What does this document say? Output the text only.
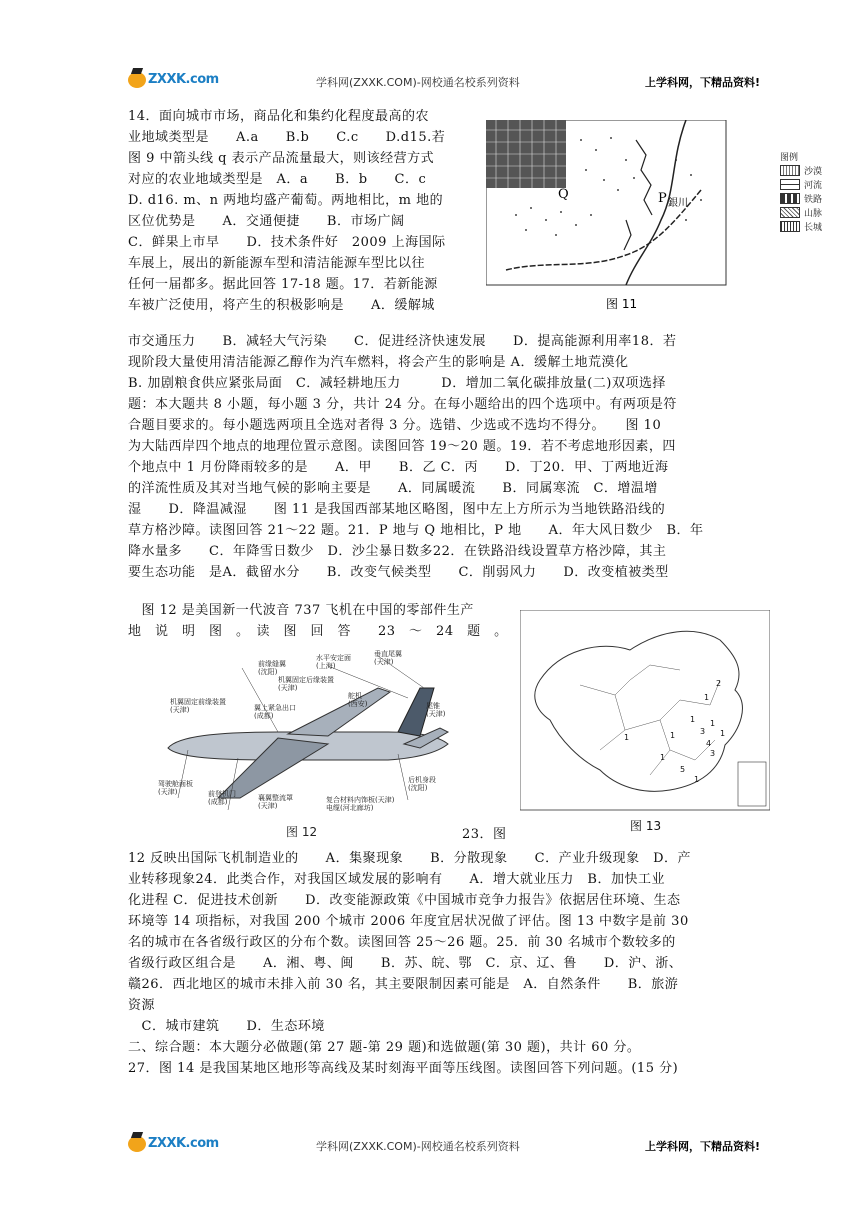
ZXXK.com	学科网(ZXXK.COM)-网校通名校系列资料	上学科网，下精品资料!
14．面向城市市场，商品化和集约化程度最高的农
业地域类型是　　A.a　　B.b　　C.c　　D.d15.若
图 9 中箭头线 q 表示产品流量最大，则该经营方式
对应的农业地域类型是　A．a　　B．b　　C．c
D. d16. m、n 两地均盛产葡萄。两地相比，m 地的
区位优势是　　A．交通便捷　　B．市场广阔
C．鲜果上市早　　D．技术条件好　2009 上海国际
车展上，展出的新能源车型和清洁能源车型比以往
任何一届都多。据此回答 17-18 题。17．若新能源
车被广泛使用，将产生的积极影响是　　A．缓解城
Q	P 銀川
图 11
图例
沙漠
河流
铁路
山脉
长城
市交通压力　　B．减轻大气污染　　C．促进经济快速发展　　D．提高能源利用率18．若
现阶段大量使用清洁能源乙醇作为汽车燃料，将会产生的影响是 A．缓解土地荒漠化
B. 加剧粮食供应紧张局面　C．减轻耕地压力　　　D．增加二氧化碳排放量(二)双项选择
题：本大题共 8 小题，每小题 3 分，共计 24 分。在每小题给出的四个选项中。有两项是符
合题目要求的。每小题选两项且全选对者得 3 分。选错、少选或不选均不得分。　　图 10
为大陆西岸四个地点的地理位置示意图。读图回答 19～20 题。19．若不考虑地形因素，四
个地点中 1 月份降雨较多的是　　A．甲　　B．乙 C．丙　　D．丁20．甲、丁两地近海
的洋流性质及其对当地气候的影响主要是　　A．同属暖流　　B．同属寒流　C．增温增
湿　　D．降温减湿　　图 11 是我国西部某地区略图，图中左上方所示为当地铁路沿线的
草方格沙障。读图回答 21～22 题。21．P 地与 Q 地相比，P 地　　A．年大风日数少　B．年
降水量多　　C．年降雪日数少　D．沙尘暴日数多22．在铁路沿线设置草方格沙障，其主
要生态功能　是A．截留水分　　B．改变气候类型　　C．削弱风力　　D．改变植被类型
　图 12 是美国新一代波音 737 飞机在中国的零部件生产
地　说　明　图　。　读　图　回　答　　23　～　24　题　。
垂直尾翼(天津)
水平安定面(上海)
前缘缝翼(沈阳)
机翼固定后缘装置(天津)
机翼固定前缘装置(天津)	翼上紧急出口(成都)
舵机(西安)	尾锥(天津)
驾驶舱面板(天津)
后机身段(沈阳)
前登机门(成都)	复合材料内饰板(天津)电缆(河北廊坊)
襄翼整流罩(天津)
图 12
2
1
1 1
3 1
4
1
3
5
1
1
1
图 13
23．图
12 反映出国际飞机制造业的　　A．集聚现象　　B．分散现象　　C．产业升级现象　D．产
业转移现象24．此类合作，对我国区域发展的影响有　　A．增大就业压力　B．加快工业
化进程 C．促进技术创新　　D．改变能源政策《中国城市竞争力报告》依据居住环境、生态
环境等 14 项指标，对我国 200 个城市 2006 年度宜居状况做了评估。图 13 中数字是前 30
名的城市在各省级行政区的分布个数。读图回答 25～26 题。25．前 30 名城市个数较多的
省级行政区组合是　　A．湘、粤、闽　　B．苏、皖、鄂　C．京、辽、鲁　　D．沪、浙、
赣26．西北地区的城市未排入前 30 名，其主要限制因素可能是　A．自然条件　　B．旅游
资源
　C．城市建筑　　D．生态环境
二、综合题：本大题分必做题(第 27 题-第 29 题)和选做题(第 30 题)，共计 60 分。
27．图 14 是我国某地区地形等高线及某时刻海平面等压线图。读图回答下列问题。(15 分)
ZXXK.com	学科网(ZXXK.COM)-网校通名校系列资料	上学科网，下精品资料!
